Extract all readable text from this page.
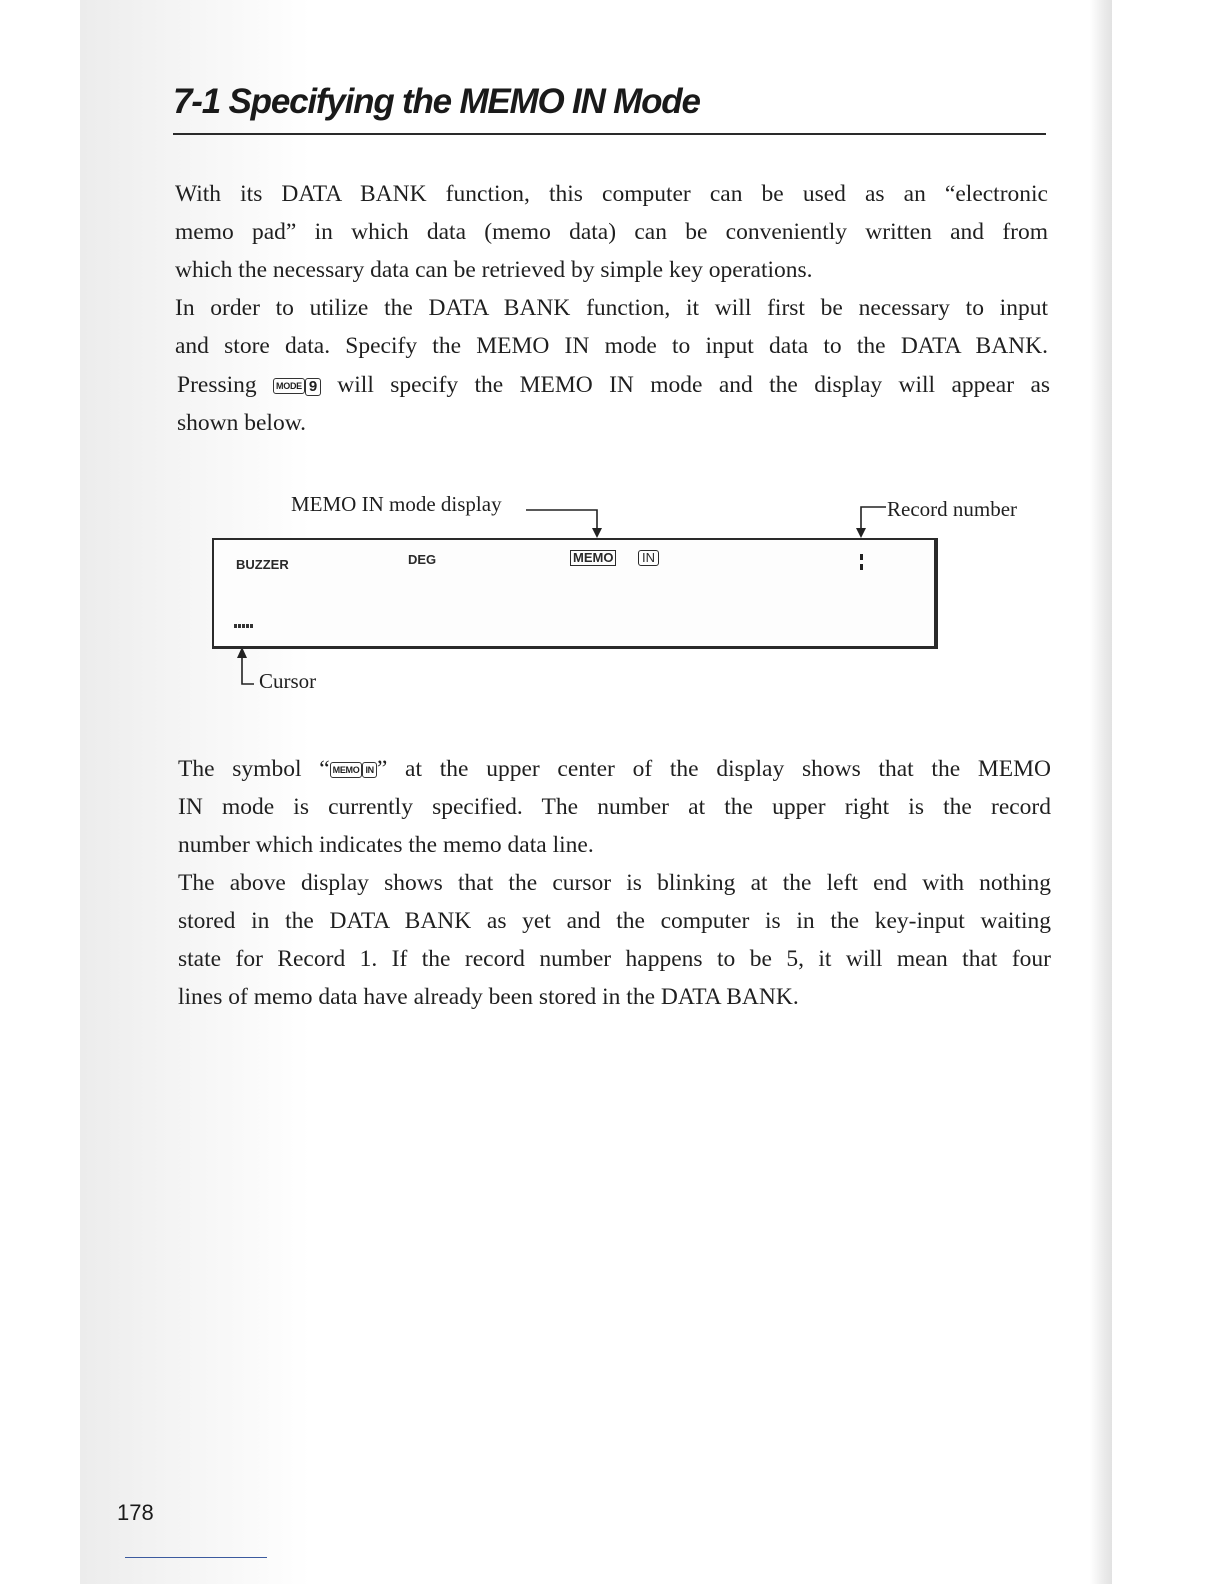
7-1 Specifying the MEMO IN Mode

With its DATA BANK function, this computer can be used as an “electronic
memo pad” in which data (memo data) can be conveniently written and from
which the necessary data can be retrieved by simple key operations.

In order to utilize the DATA BANK function, it will first be necessary to input
and store data. Specify the MEMO IN mode to input data to the DATA BANK.

Pressing MODE 9 will specify the MEMO IN mode and the display will appear as
shown below.

MEMO IN mode display	Record number
Cursor
BUZZER	DEG	MEMO	IN

The symbol “ MEMO IN ” at the upper center of the display shows that the MEMO
IN mode is currently specified. The number at the upper right is the record
number which indicates the memo data line.

The above display shows that the cursor is blinking at the left end with nothing
stored in the DATA BANK as yet and the computer is in the key-input waiting
state for Record 1. If the record number happens to be 5, it will mean that four
lines of memo data have already been stored in the DATA BANK.

178
